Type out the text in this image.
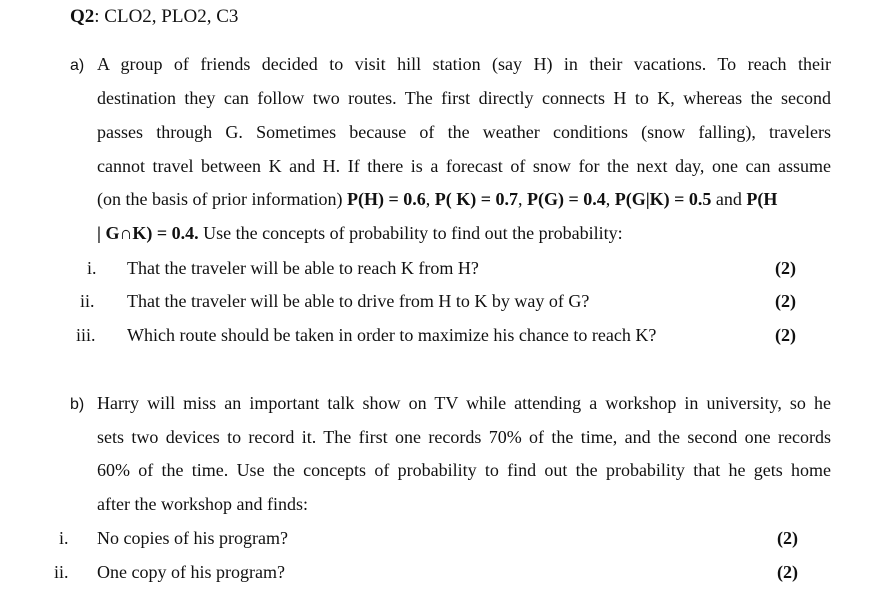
Q2: CLO2, PLO2, C3
a) A group of friends decided to visit hill station (say H) in their vacations. To reach their
destination they can follow two routes. The first directly connects H to K, whereas the second
passes through G. Sometimes because of the weather conditions (snow falling), travelers
cannot travel between K and H. If there is a forecast of snow for the next day, one can assume
(on the basis of prior information) P(H) = 0.6, P( K) = 0.7, P(G) = 0.4, P(G|K) = 0.5 and P(H
| G∩K) = 0.4. Use the concepts of probability to find out the probability:
i. That the traveler will be able to reach K from H?	(2)
ii. That the traveler will be able to drive from H to K by way of G?	(2)
iii. Which route should be taken in order to maximize his chance to reach K?	(2)
b) Harry will miss an important talk show on TV while attending a workshop in university, so he
sets two devices to record it. The first one records 70% of the time, and the second one records
60% of the time. Use the concepts of probability to find out the probability that he gets home
after the workshop and finds:
i. No copies of his program?	(2)
ii. One copy of his program?	(2)
